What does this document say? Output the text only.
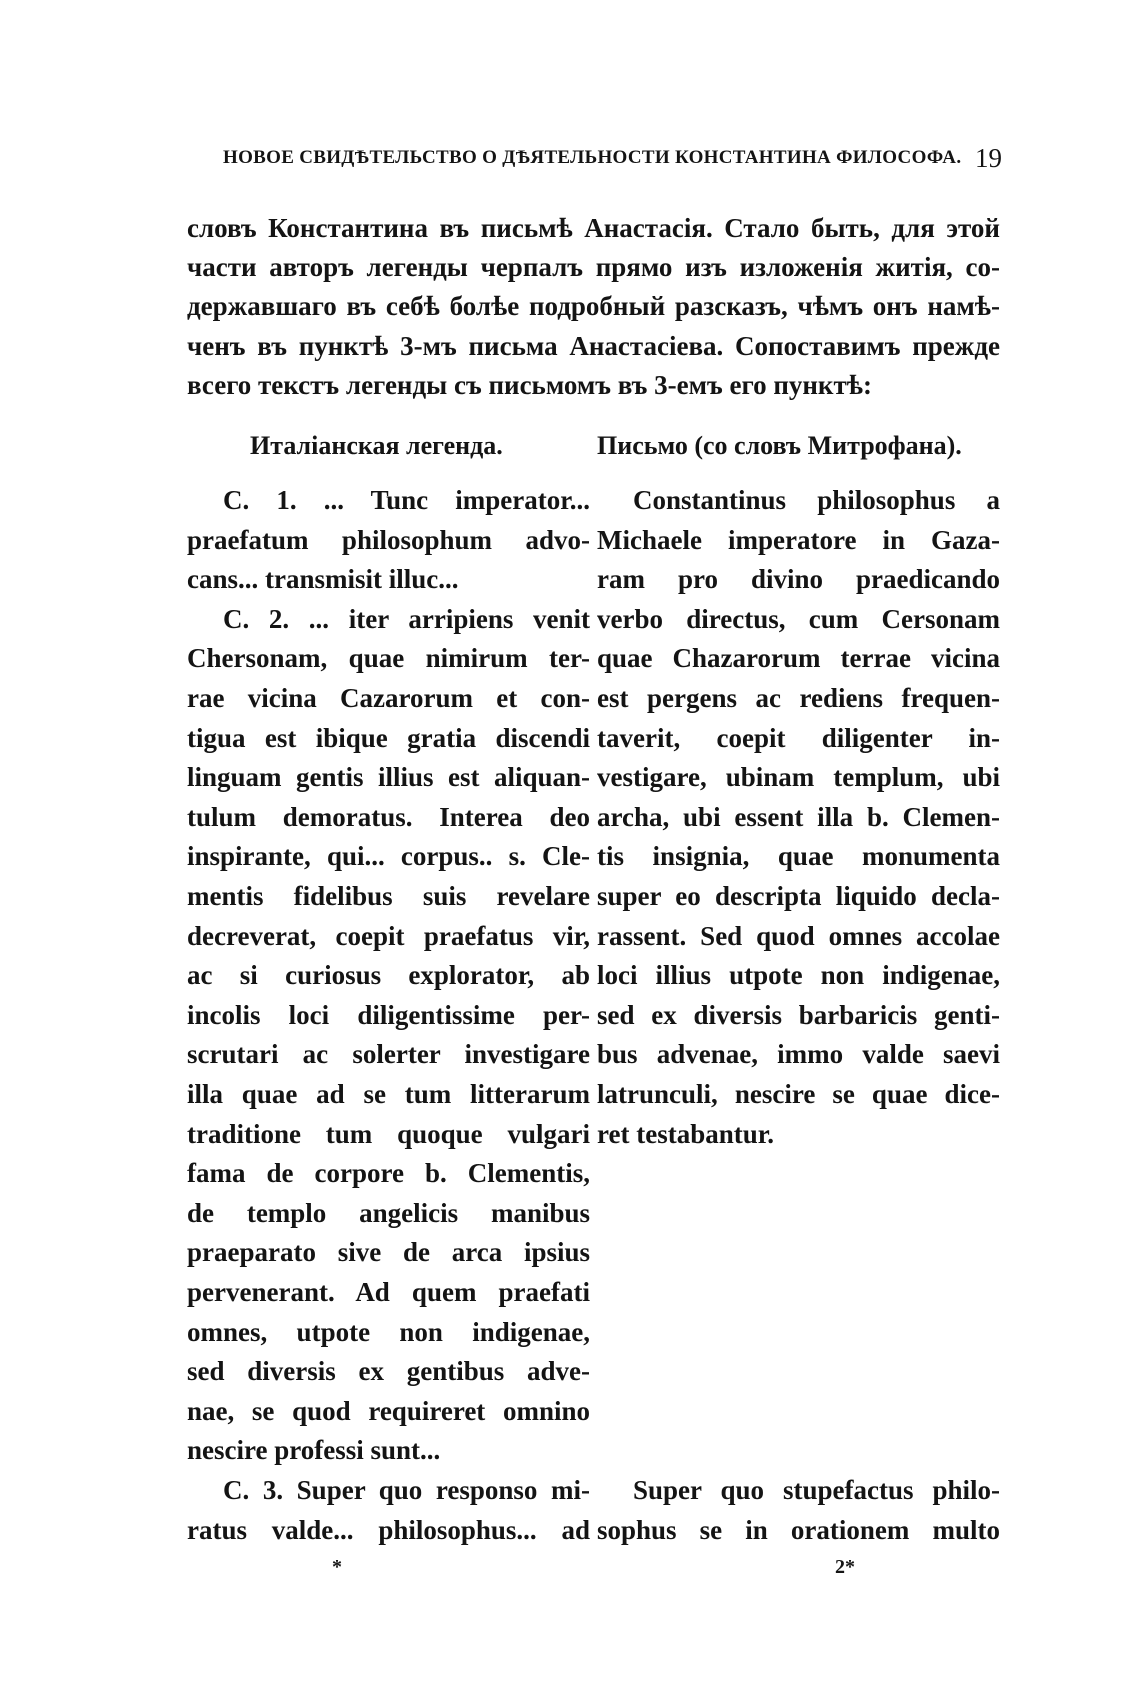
НОВОЕ СВИДѢТЕЛЬСТВО О ДѢЯТЕЛЬНОСТИ КОНСТАНТИНА ФИЛОСОФА. 19
словъ Константина въ письмѣ Анастасія. Стало быть, для этой
части авторъ легенды черпалъ прямо изъ изложенія житія, со-
державшаго въ себѣ болѣе подробный разсказъ, чѣмъ онъ намѣ-
ченъ въ пунктѣ 3-мъ письма Анастасіева. Сопоставимъ прежде
всего текстъ легенды съ письмомъ въ 3-емъ его пунктѣ:
Италіанская легенда.	Письмо (со словъ Митрофана).
C. 1. ... Tunc imperator...
praefatum philosophum advo-
cans... transmisit illuc...
C. 2. ... iter arripiens venit
Chersonam, quae nimirum ter-
rae vicina Cazarorum et con-
tigua est ibique gratia discendi
linguam gentis illius est aliquan-
tulum demoratus. Interea deo
inspirante, qui... corpus.. s. Cle-
mentis fidelibus suis revelare
decreverat, coepit praefatus vir,
ac si curiosus explorator, ab
incolis loci diligentissime per-
scrutari ac solerter investigare
illa quae ad se tum litterarum
traditione tum quoque vulgari
fama de corpore b. Clementis,
de templo angelicis manibus
praeparato sive de arca ipsius
pervenerant. Ad quem praefati
omnes, utpote non indigenae,
sed diversis ex gentibus adve-
nae, se quod requireret omnino
nescire professi sunt...
C. 3. Super quo responso mi-
ratus valde... philosophus... ad
Constantinus philosophus a
Michaele imperatore in Gaza-
ram pro divino praedicando
verbo directus, cum Cersonam
quae Chazarorum terrae vicina
est pergens ac rediens frequen-
taverit, coepit diligenter in-
vestigare, ubinam templum, ubi
archa, ubi essent illa b. Clemen-
tis insignia, quae monumenta
super eo descripta liquido decla-
rassent. Sed quod omnes accolae
loci illius utpote non indigenae,
sed ex diversis barbaricis genti-
bus advenae, immo valde saevi
latrunculi, nescire se quae dice-
ret testabantur.
Super quo stupefactus philo-
sophus se in orationem multo
*	2*
